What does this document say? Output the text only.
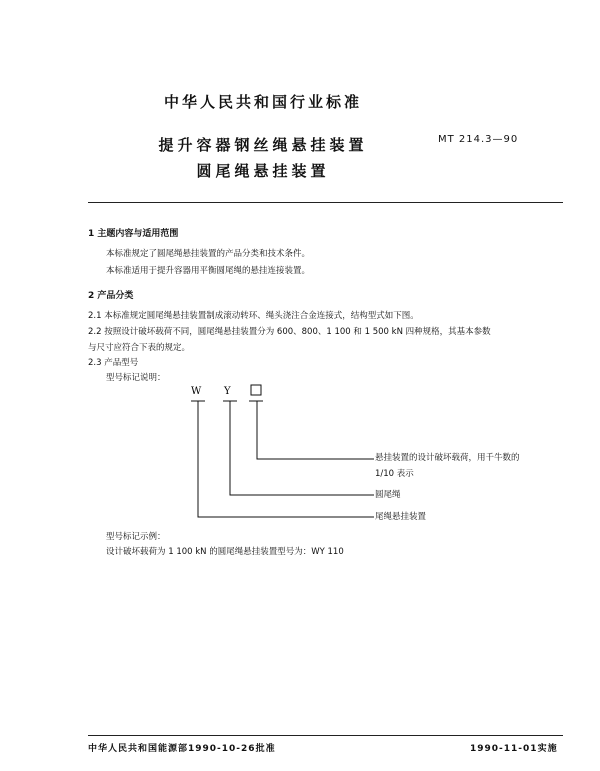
中华人民共和国行业标准
提升容器钢丝绳悬挂装置
圆尾绳悬挂装置
MT 214.3—90
1 主题内容与适用范围
本标准规定了圆尾绳悬挂装置的产品分类和技术条件。
本标准适用于提升容器用平衡圆尾绳的悬挂连接装置。
2 产品分类
2.1 本标准规定圆尾绳悬挂装置制成滚动转环、绳头浇注合金连接式，结构型式如下图。
2.2 按照设计破坏载荷不同，圆尾绳悬挂装置分为 600、800、1 100 和 1 500 kN 四种规格，其基本参数
与尺寸应符合下表的规定。
2.3 产品型号
型号标记说明：
W Y
悬挂装置的设计破坏载荷，用千牛数的
1/10 表示
圆尾绳
尾绳悬挂装置
型号标记示例：
设计破坏载荷为 1 100 kN 的圆尾绳悬挂装置型号为：WY 110
中华人民共和国能源部1990-10-26批准	1990-11-01实施
